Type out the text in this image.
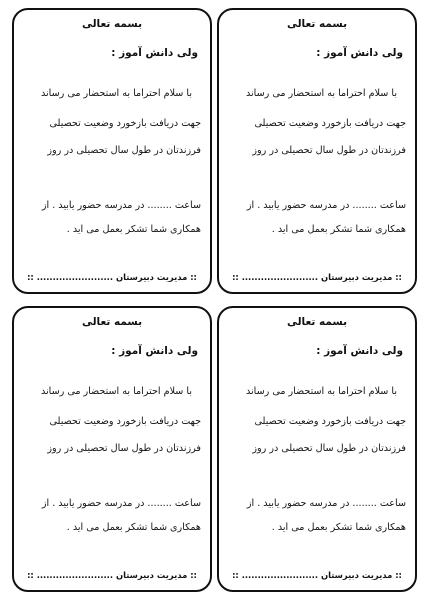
بسمه تعالی
ولی دانش آموز :
با سلام احتراما به استحضار می رساند
جهت دریافت بازخورد وضعیت تحصیلی
فرزندتان در طول سال تحصیلی در روز
ساعت ........ در مدرسه حضور یابید . از
همکاری شما تشکر بعمل می آید .
:: مدیریت دبیرستان ........................ ::
بسمه تعالی
ولی دانش آموز :
با سلام احتراما به استحضار می رساند
جهت دریافت بازخورد وضعیت تحصیلی
فرزندتان در طول سال تحصیلی در روز
ساعت ........ در مدرسه حضور یابید . از
همکاری شما تشکر بعمل می آید .
:: مدیریت دبیرستان ........................ ::
بسمه تعالی
ولی دانش آموز :
با سلام احتراما به استحضار می رساند
جهت دریافت بازخورد وضعیت تحصیلی
فرزندتان در طول سال تحصیلی در روز
ساعت ........ در مدرسه حضور یابید . از
همکاری شما تشکر بعمل می آید .
:: مدیریت دبیرستان ........................ ::
بسمه تعالی
ولی دانش آموز :
با سلام احتراما به استحضار می رساند
جهت دریافت بازخورد وضعیت تحصیلی
فرزندتان در طول سال تحصیلی در روز
ساعت ........ در مدرسه حضور یابید . از
همکاری شما تشکر بعمل می آید .
:: مدیریت دبیرستان ........................ ::
